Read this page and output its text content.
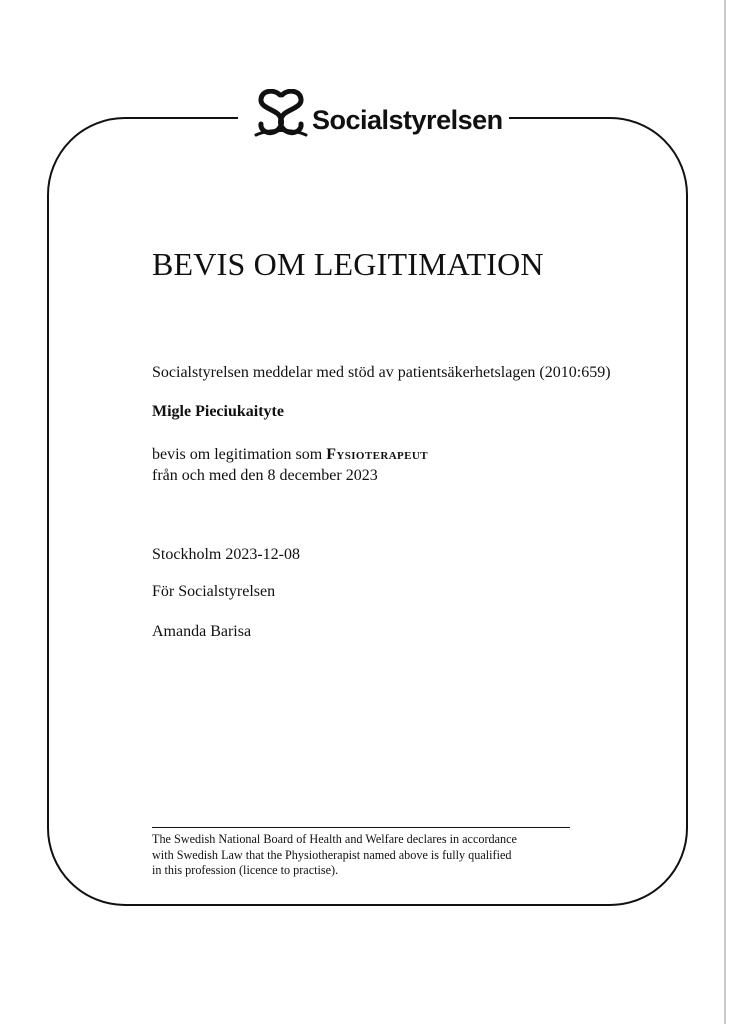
Socialstyrelsen
BEVIS OM LEGITIMATION
Socialstyrelsen meddelar med stöd av patientsäkerhetslagen (2010:659)
Migle Pieciukaityte
bevis om legitimation som Fysioterapeut
från och med den 8 december 2023
Stockholm 2023-12-08
För Socialstyrelsen
Amanda Barisa
The Swedish National Board of Health and Welfare declares in accordance
with Swedish Law that the Physiotherapist named above is fully qualified
in this profession (licence to practise).
